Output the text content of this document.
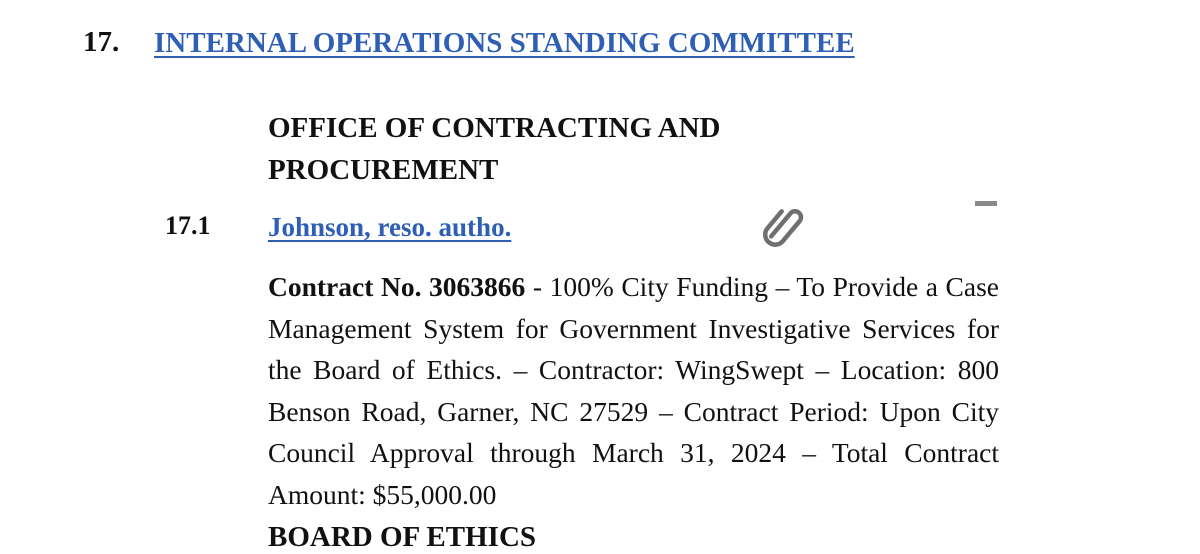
17. INTERNAL OPERATIONS STANDING COMMITTEE
OFFICE OF CONTRACTING AND PROCUREMENT
17.1 Johnson, reso. autho.

Contract No. 3063866 - 100% City Funding – To Provide a Case Management System for Government Investigative Services for the Board of Ethics. – Contractor: WingSwept – Location: 800 Benson Road, Garner, NC 27529 – Contract Period: Upon City Council Approval through March 31, 2024 – Total Contract Amount: $55,000.00

BOARD OF ETHICS
